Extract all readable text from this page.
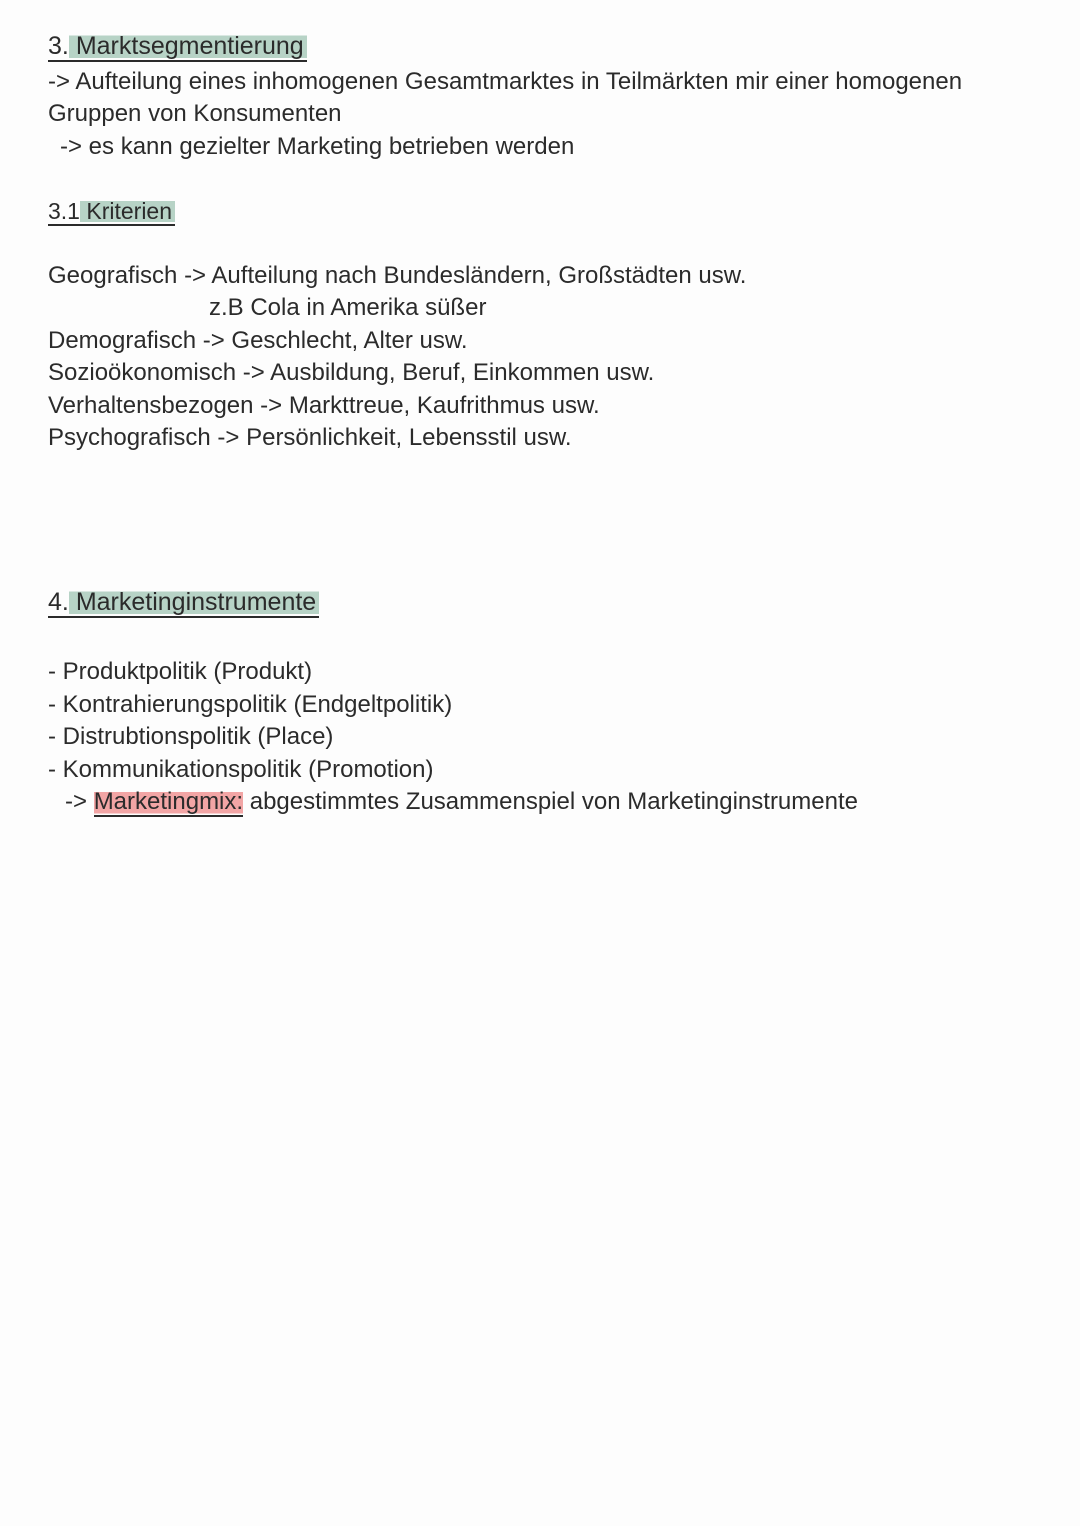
3. Marktsegmentierung
-> Aufteilung eines inhomogenen Gesamtmarktes in Teilmärkten mir einer homogenen
Gruppen von Konsumenten
-> es kann gezielter Marketing betrieben werden
3.1 Kriterien
Geografisch -> Aufteilung nach Bundesländern, Großstädten usw.
z.B Cola in Amerika süßer
Demografisch -> Geschlecht, Alter usw.
Sozioökonomisch -> Ausbildung, Beruf, Einkommen usw.
Verhaltensbezogen -> Markttreue, Kaufrithmus usw.
Psychografisch -> Persönlichkeit, Lebensstil usw.
4. Marketinginstrumente
- Produktpolitik (Produkt)
- Kontrahierungspolitik (Endgeltpolitik)
- Distrubtionspolitik (Place)
- Kommunikationspolitik (Promotion)
-> Marketingmix: abgestimmtes Zusammenspiel von Marketinginstrumente
